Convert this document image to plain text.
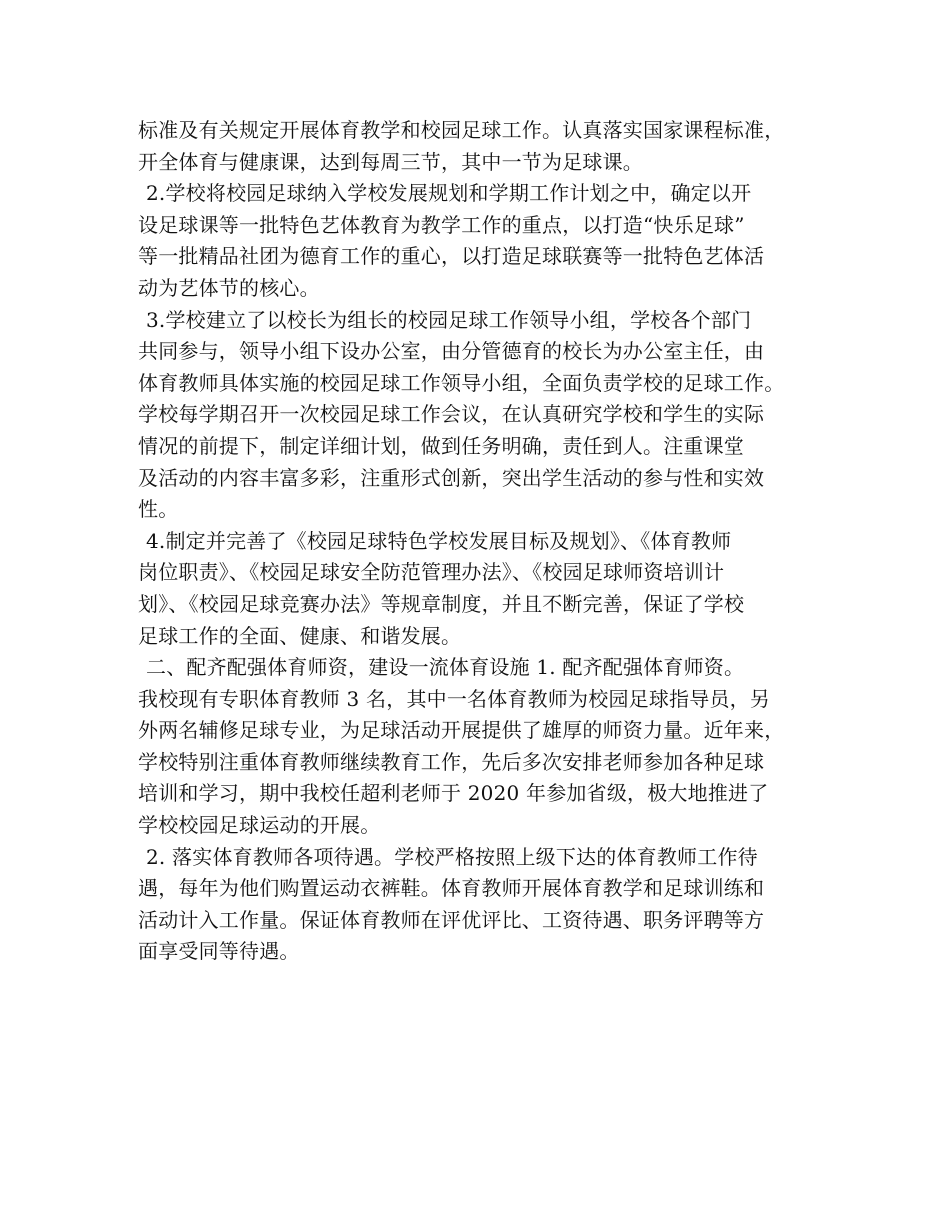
标准及有关规定开展体育教学和校园足球工作。认真落实国家课程标准，
开全体育与健康课，达到每周三节，其中一节为足球课。
2.学校将校园足球纳入学校发展规划和学期工作计划之中，确定以开
设足球课等一批特色艺体教育为教学工作的重点，以打造“快乐足球”
等一批精品社团为德育工作的重心，以打造足球联赛等一批特色艺体活
动为艺体节的核心。
3.学校建立了以校长为组长的校园足球工作领导小组，学校各个部门
共同参与，领导小组下设办公室，由分管德育的校长为办公室主任，由
体育教师具体实施的校园足球工作领导小组，全面负责学校的足球工作。
学校每学期召开一次校园足球工作会议，在认真研究学校和学生的实际
情况的前提下，制定详细计划，做到任务明确，责任到人。注重课堂
及活动的内容丰富多彩，注重形式创新，突出学生活动的参与性和实效
性。
4.制定并完善了《校园足球特色学校发展目标及规划》、《体育教师
岗位职责》、《校园足球安全防范管理办法》、《校园足球师资培训计
划》、《校园足球竞赛办法》等规章制度，并且不断完善，保证了学校
足球工作的全面、健康、和谐发展。
二、配齐配强体育师资，建设一流体育设施 1. 配齐配强体育师资。
我校现有专职体育教师 3 名，其中一名体育教师为校园足球指导员，另
外两名辅修足球专业，为足球活动开展提供了雄厚的师资力量。近年来，
学校特别注重体育教师继续教育工作，先后多次安排老师参加各种足球
培训和学习，期中我校任超利老师于 2020 年参加省级，极大地推进了
学校校园足球运动的开展。
2. 落实体育教师各项待遇。学校严格按照上级下达的体育教师工作待
遇，每年为他们购置运动衣裤鞋。体育教师开展体育教学和足球训练和
活动计入工作量。保证体育教师在评优评比、工资待遇、职务评聘等方
面享受同等待遇。
